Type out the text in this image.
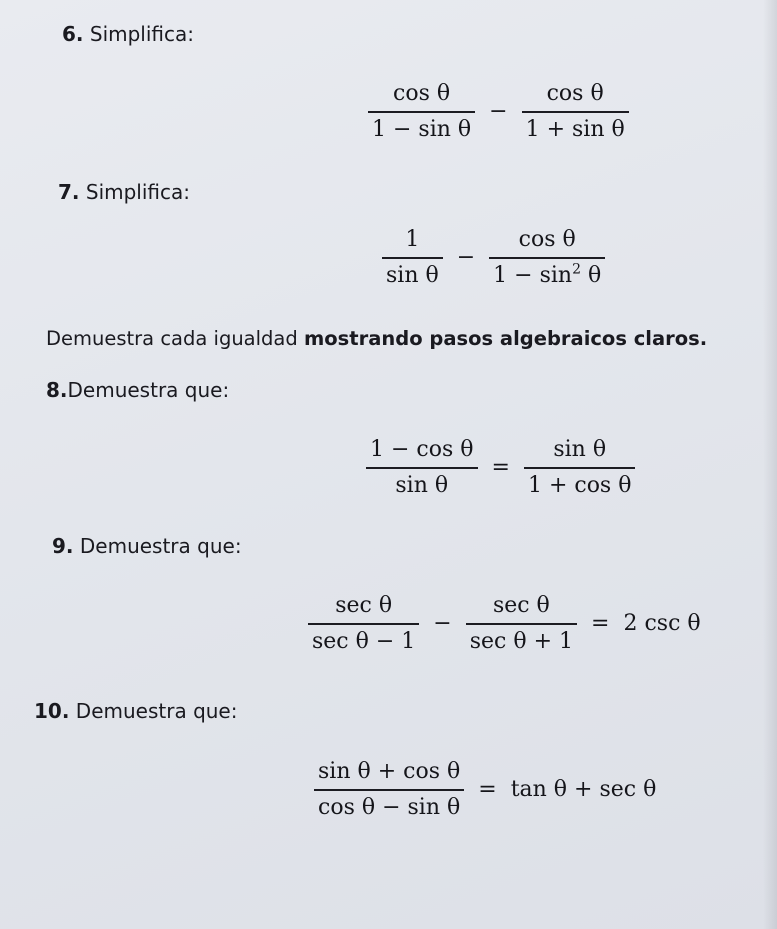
6. Simplifica:
$\frac{\text{cos θ}}{\text{1 − sin θ}} - \frac{\text{cos θ}}{\text{1 + sin θ}}$
7. Simplifica:
$\frac{1}{\text{sin θ}} - \frac{\text{cos θ}}{1 - \sin^2 \theta}$
Demuestra cada igualdad mostrando pasos algebraicos claros.
8.Demuestra que:
$\frac{\text{1 − cos θ}}{\text{sin θ}} = \frac{\text{sin θ}}{\text{1 + cos θ}}$
9. Demuestra que:
$\frac{\text{sec θ}}{\text{sec θ − 1}} - \frac{\text{sec θ}}{\text{sec θ + 1}} = 2$ csc θ
10. Demuestra que:
$\frac{\text{sin θ + cos θ}}{\text{cos θ − sin θ}} = \tan \theta + \sec \theta$
